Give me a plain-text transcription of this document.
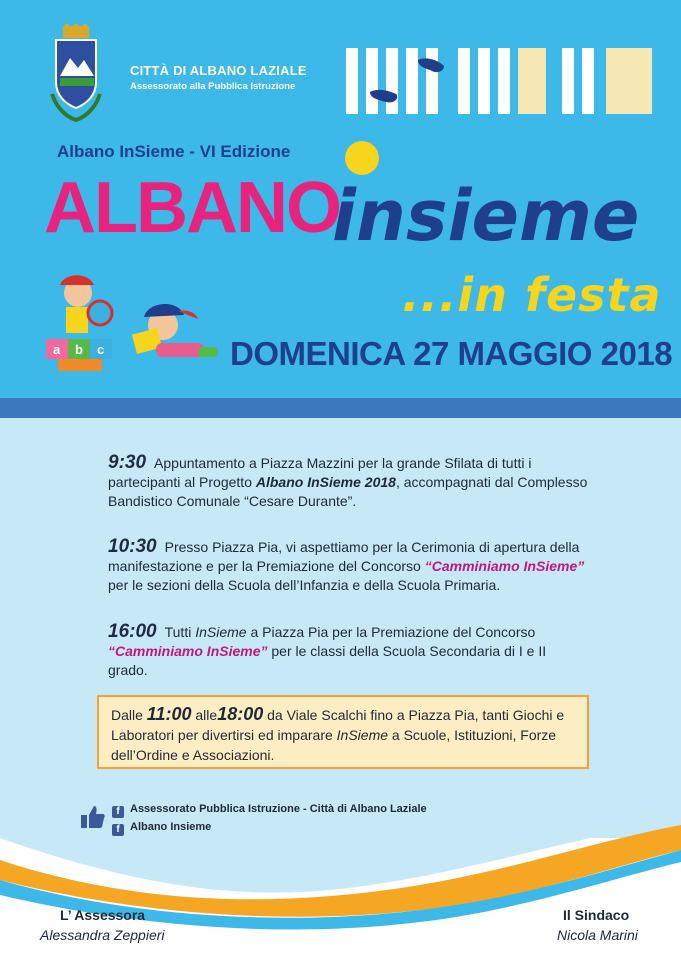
CITTÀ DI ALBANO LAZIALE
Assessorato alla Pubblica Istruzione
Albano InSieme - VI Edizione
ALBANO
insieme
...in festa
a b c	DOMENICA 27 MAGGIO 2018
9:30 Appuntamento a Piazza Mazzini per la grande Sfilata di tutti i partecipanti al Progetto Albano InSieme 2018, accompagnati dal Complesso Bandistico Comunale “Cesare Durante”.
10:30 Presso Piazza Pia, vi aspettiamo per la Cerimonia di apertura della manifestazione e per la Premiazione del Concorso “Camminiamo InSieme” per le sezioni della Scuola dell’Infanzia e della Scuola Primaria.
16:00 Tutti InSieme a Piazza Pia per la Premiazione del Concorso “Camminiamo InSieme” per le classi della Scuola Secondaria di I e II grado.
Dalle 11:00 alle18:00 da Viale Scalchi fino a Piazza Pia, tanti Giochi e Laboratori per divertirsi ed imparare InSieme a Scuole, Istituzioni, Forze dell’Ordine e Associazioni.
f Assessorato Pubblica Istruzione - Città di Albano Laziale
f Albano Insieme
L’ Assessora
Alessandra Zeppieri
Il Sindaco
Nicola Marini
